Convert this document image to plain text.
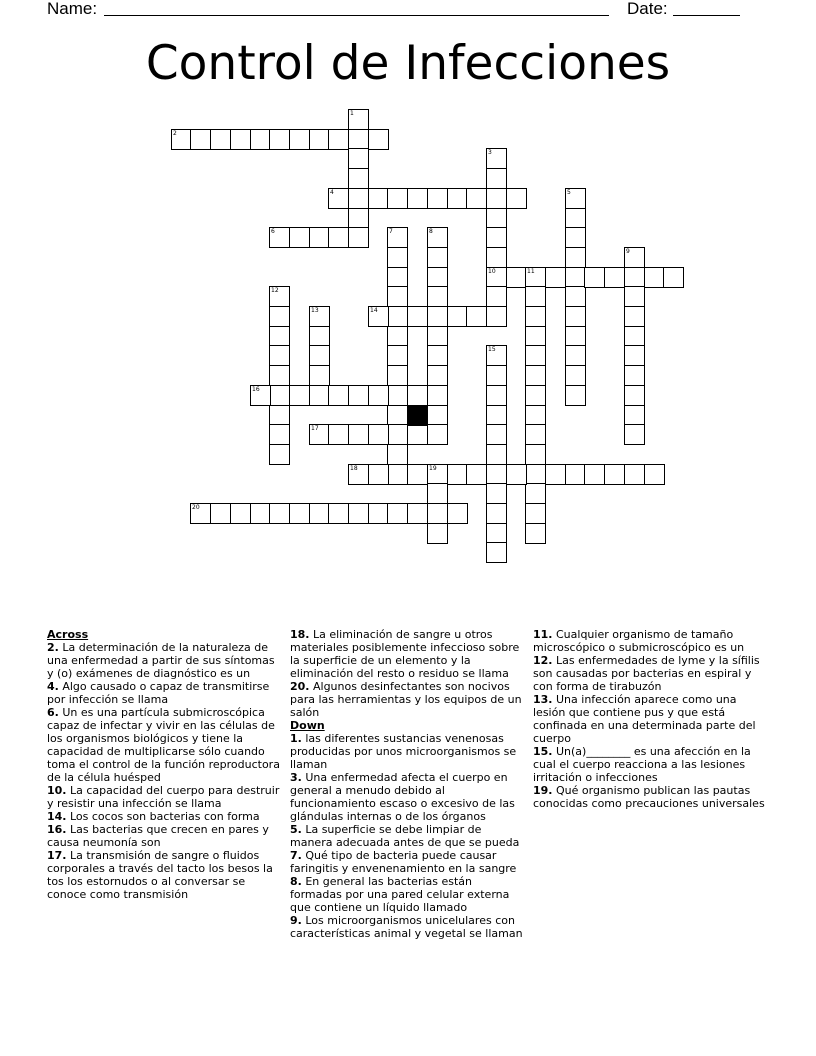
Name:	Date:
Control de Infecciones
1
2
3
10
4	5
6	7	8
9
11
12
13	14
15
16
17
18	19
20
Across

2. La determinación de la naturaleza de una enfermedad a partir de sus síntomas y (o) exámenes de diagnóstico es un

4. Algo causado o capaz de transmitirse por infección se llama

6. Un es una partícula submicroscópica capaz de infectar y vivir en las células de los organismos biológicos y tiene la capacidad de multiplicarse sólo cuando toma el control de la función reproductora de la célula huésped

10. La capacidad del cuerpo para destruir y resistir una infección se llama

14. Los cocos son bacterias con forma

16. Las bacterias que crecen en pares y causa neumonía son

17. La transmisión de sangre o fluidos corporales a través del tacto los besos la tos los estornudos o al conversar se conoce como transmisión

18. La eliminación de sangre u otros materiales posiblemente infeccioso sobre la superficie de un elemento y la eliminación del resto o residuo se llama

20. Algunos desinfectantes son nocivos para las herramientas y los equipos de un salón

Down

1. las diferentes sustancias venenosas producidas por unos microorganismos se llaman

3. Una enfermedad afecta el cuerpo en general a menudo debido al funcionamiento escaso o excesivo de las glándulas internas o de los órganos

5. La superficie se debe limpiar de manera adecuada antes de que se pueda

7. Qué tipo de bacteria puede causar faringitis y envenenamiento en la sangre

8. En general las bacterias están formadas por una pared celular externa que contiene un líquido llamado

9. Los microorganismos unicelulares con características animal y vegetal se llaman

11. Cualquier organismo de tamaño microscópico o submicroscópico es un

12. Las enfermedades de lyme y la sífilis son causadas por bacterias en espiral y con forma de tirabuzón

13. Una infección aparece como una lesión que contiene pus y que está confinada en una determinada parte del cuerpo

15. Un(a)________ es una afección en la cual el cuerpo reacciona a las lesiones irritación o infecciones

19. Qué organismo publican las pautas conocidas como precauciones universales
